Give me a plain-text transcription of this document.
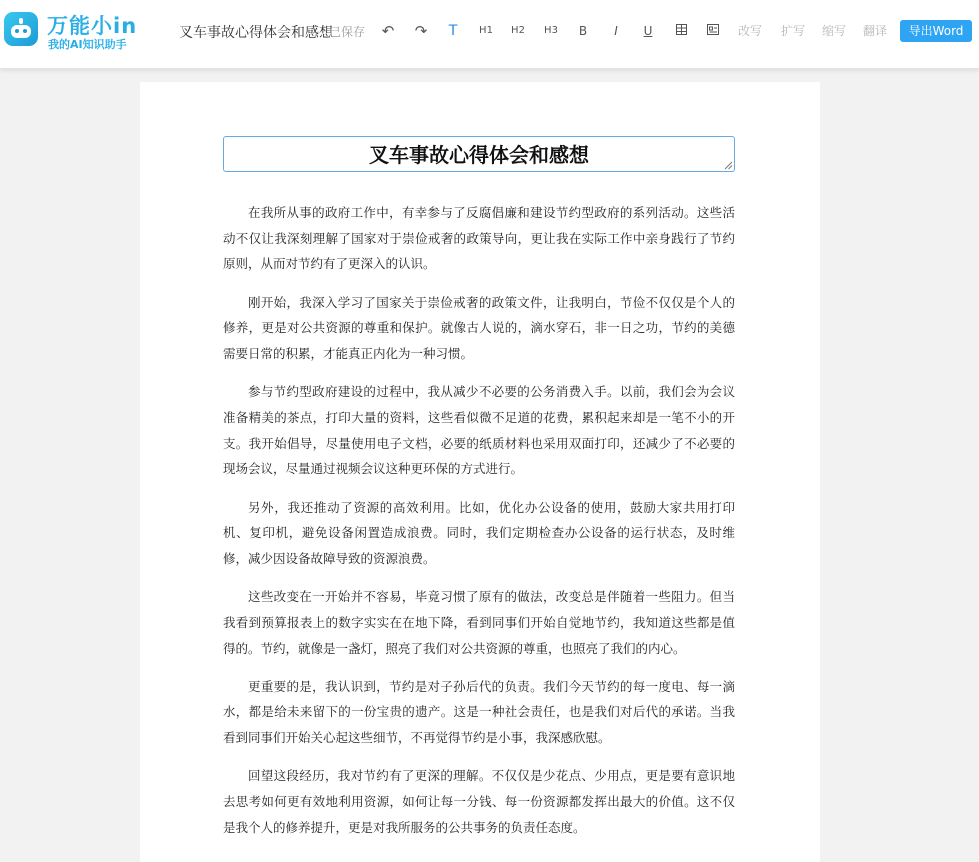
万能小in
我的AI知识助手
叉车事故心得体会和感想
已保存 ↶ ↷ T H1 H2 H3 B	I	U	改写 扩写 缩写 翻译	导出Word
叉车事故心得体会和感想

在我所从事的政府工作中，有幸参与了反腐倡廉和建设节约型政府的系列活动。这些活动不仅让我深刻理解了国家对于崇俭戒奢的政策导向，更让我在实际工作中亲身践行了节约原则，从而对节约有了更深入的认识。

刚开始，我深入学习了国家关于崇俭戒奢的政策文件，让我明白，节俭不仅仅是个人的修养，更是对公共资源的尊重和保护。就像古人说的，滴水穿石，非一日之功，节约的美德需要日常的积累，才能真正内化为一种习惯。

参与节约型政府建设的过程中，我从减少不必要的公务消费入手。以前，我们会为会议准备精美的茶点，打印大量的资料，这些看似微不足道的花费，累积起来却是一笔不小的开支。我开始倡导，尽量使用电子文档，必要的纸质材料也采用双面打印，还减少了不必要的现场会议，尽量通过视频会议这种更环保的方式进行。

另外，我还推动了资源的高效利用。比如，优化办公设备的使用，鼓励大家共用打印机、复印机，避免设备闲置造成浪费。同时，我们定期检查办公设备的运行状态，及时维修，减少因设备故障导致的资源浪费。

这些改变在一开始并不容易，毕竟习惯了原有的做法，改变总是伴随着一些阻力。但当我看到预算报表上的数字实实在在地下降，看到同事们开始自觉地节约，我知道这些都是值得的。节约，就像是一盏灯，照亮了我们对公共资源的尊重，也照亮了我们的内心。

更重要的是，我认识到，节约是对子孙后代的负责。我们今天节约的每一度电、每一滴水，都是给未来留下的一份宝贵的遗产。这是一种社会责任，也是我们对后代的承诺。当我看到同事们开始关心起这些细节，不再觉得节约是小事，我深感欣慰。

回望这段经历，我对节约有了更深的理解。不仅仅是少花点、少用点，更是要有意识地去思考如何更有效地利用资源，如何让每一分钱、每一份资源都发挥出最大的价值。这不仅是我个人的修养提升，更是对我所服务的公共事务的负责任态度。
